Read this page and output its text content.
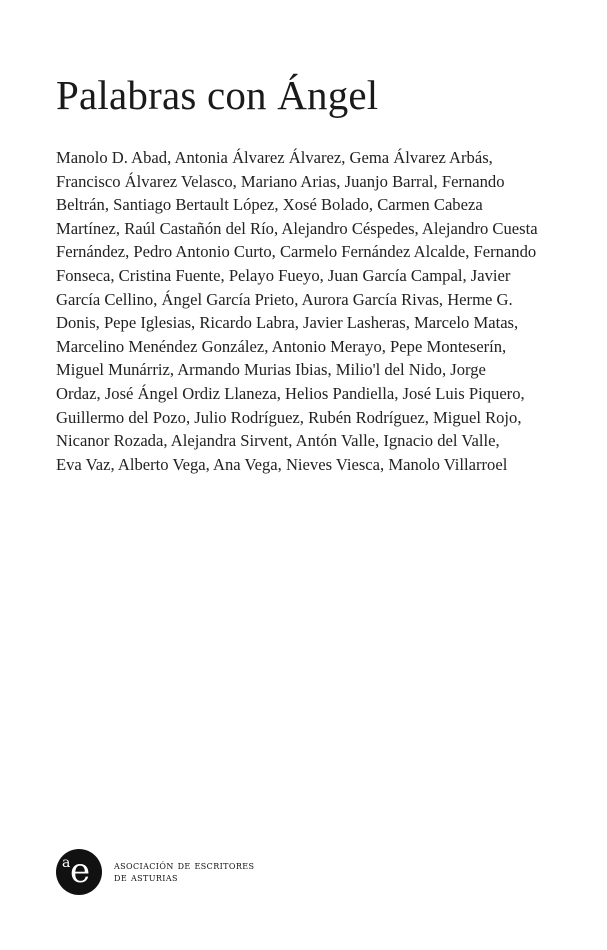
Palabras con Ángel
Manolo D. Abad, Antonia Álvarez Álvarez, Gema Álvarez Arbás,
Francisco Álvarez Velasco, Mariano Arias, Juanjo Barral, Fernando
Beltrán, Santiago Bertault López, Xosé Bolado, Carmen Cabeza
Martínez, Raúl Castañón del Río, Alejandro Céspedes, Alejandro Cuesta
Fernández, Pedro Antonio Curto, Carmelo Fernández Alcalde, Fernando
Fonseca, Cristina Fuente, Pelayo Fueyo, Juan García Campal, Javier
García Cellino, Ángel García Prieto, Aurora García Rivas, Herme G.
Donis, Pepe Iglesias, Ricardo Labra, Javier Lasheras, Marcelo Matas,
Marcelino Menéndez González, Antonio Merayo, Pepe Monteserín,
Miguel Munárriz, Armando Murias Ibias, Milio'l del Nido, Jorge
Ordaz, José Ángel Ordiz Llaneza, Helios Pandiella, José Luis Piquero,
Guillermo del Pozo, Julio Rodríguez, Rubén Rodríguez, Miguel Rojo,
Nicanor Rozada, Alejandra Sirvent, Antón Valle, Ignacio del Valle,
Eva Vaz, Alberto Vega, Ana Vega, Nieves Viesca, Manolo Villarroel
a e asociación de escritores
de asturias
